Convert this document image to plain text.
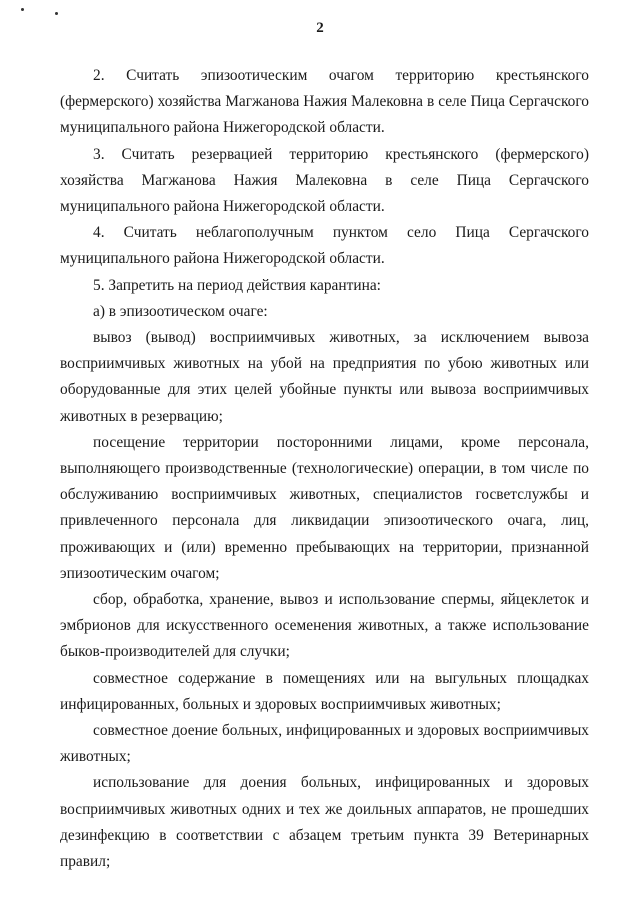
2

2. Считать эпизоотическим очагом территорию крестьянского (фермерского) хозяйства Магжанова Нажия Малековна в селе Пица Сергачского муниципального района Нижегородской области.

3. Считать резервацией территорию крестьянского (фермерского) хозяйства Магжанова Нажия Малековна в селе Пица Сергачского муниципального района Нижегородской области.

4. Считать неблагополучным пунктом село Пица Сергачского муниципального района Нижегородской области.

5. Запретить на период действия карантина:

а) в эпизоотическом очаге:

вывоз (вывод) восприимчивых животных, за исключением вывоза восприимчивых животных на убой на предприятия по убою животных или оборудованные для этих целей убойные пункты или вывоза восприимчивых животных в резервацию;

посещение территории посторонними лицами, кроме персонала, выполняющего производственные (технологические) операции, в том числе по обслуживанию восприимчивых животных, специалистов госветслужбы и привлеченного персонала для ликвидации эпизоотического очага, лиц, проживающих и (или) временно пребывающих на территории, признанной эпизоотическим очагом;

сбор, обработка, хранение, вывоз и использование спермы, яйцеклеток и эмбрионов для искусственного осеменения животных, а также использование быков-производителей для случки;

совместное содержание в помещениях или на выгульных площадках инфицированных, больных и здоровых восприимчивых животных;

совместное доение больных, инфицированных и здоровых восприимчивых животных;

использование для доения больных, инфицированных и здоровых восприимчивых животных одних и тех же доильных аппаратов, не прошедших дезинфекцию в соответствии с абзацем третьим пункта 39 Ветеринарных правил;
